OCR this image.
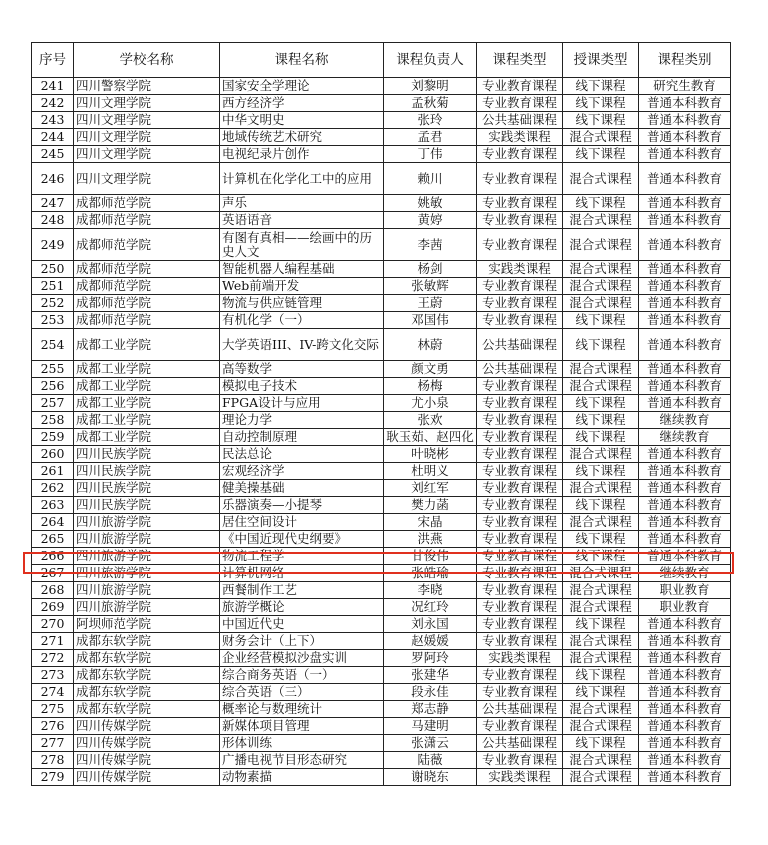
序号	学校名称	课程名称	课程负责人	课程类型	授课类型	课程类别
241	四川警察学院	国家安全学理论	刘黎明	专业教育课程	线下课程	研究生教育
242	四川文理学院	西方经济学	孟秋菊	专业教育课程	线下课程	普通本科教育
243	四川文理学院	中华文明史	张玲	公共基础课程	线下课程	普通本科教育
244	四川文理学院	地域传统艺术研究	孟君	实践类课程	混合式课程	普通本科教育
245	四川文理学院	电视纪录片创作	丁伟	专业教育课程	线下课程	普通本科教育
246	四川文理学院	计算机在化学化工中的应用	赖川	专业教育课程	混合式课程	普通本科教育
247	成都师范学院	声乐	姚敏	专业教育课程	线下课程	普通本科教育
248	成都师范学院	英语语音	黄婷	专业教育课程	混合式课程	普通本科教育
249	成都师范学院	有图有真相——绘画中的历史人文	李茜	专业教育课程	混合式课程	普通本科教育
250	成都师范学院	智能机器人编程基础	杨剑	实践类课程	混合式课程	普通本科教育
251	成都师范学院	Web前端开发	张敏辉	专业教育课程	混合式课程	普通本科教育
252	成都师范学院	物流与供应链管理	王蔚	专业教育课程	混合式课程	普通本科教育
253	成都师范学院	有机化学（一）	邓国伟	专业教育课程	线下课程	普通本科教育
254	成都工业学院	大学英语III、IV-跨文化交际	林蔚	公共基础课程	线下课程	普通本科教育
255	成都工业学院	高等数学	颜文勇	公共基础课程	混合式课程	普通本科教育
256	成都工业学院	模拟电子技术	杨梅	专业教育课程	混合式课程	普通本科教育
257	成都工业学院	FPGA设计与应用	尤小泉	专业教育课程	线下课程	普通本科教育
258	成都工业学院	理论力学	张欢	专业教育课程	线下课程	继续教育
259	成都工业学院	自动控制原理	耿玉茹、赵四化	专业教育课程	线下课程	继续教育
260	四川民族学院	民法总论	叶晓彬	专业教育课程	混合式课程	普通本科教育
261	四川民族学院	宏观经济学	杜明义	专业教育课程	线下课程	普通本科教育
262	四川民族学院	健美操基础	刘红军	专业教育课程	混合式课程	普通本科教育
263	四川民族学院	乐器演奏—小提琴	樊力菡	专业教育课程	线下课程	普通本科教育
264	四川旅游学院	居住空间设计	宋晶	专业教育课程	混合式课程	普通本科教育
265	四川旅游学院	《中国近现代史纲要》	洪燕	专业教育课程	线下课程	普通本科教育
266	四川旅游学院	物流工程学	甘俊伟	专业教育课程	线下课程	普通本科教育
267	四川旅游学院	计算机网络	张皓瑜	专业教育课程	混合式课程	继续教育
268	四川旅游学院	西餐制作工艺	李晓	专业教育课程	混合式课程	职业教育
269	四川旅游学院	旅游学概论	况红玲	专业教育课程	混合式课程	职业教育
270	阿坝师范学院	中国近代史	刘永国	专业教育课程	线下课程	普通本科教育
271	成都东软学院	财务会计（上下）	赵媛媛	专业教育课程	混合式课程	普通本科教育
272	成都东软学院	企业经营模拟沙盘实训	罗阿玲	实践类课程	混合式课程	普通本科教育
273	成都东软学院	综合商务英语（一）	张建华	专业教育课程	线下课程	普通本科教育
274	成都东软学院	综合英语（三）	段永佳	专业教育课程	线下课程	普通本科教育
275	成都东软学院	概率论与数理统计	郑志静	公共基础课程	混合式课程	普通本科教育
276	四川传媒学院	新媒体项目管理	马建明	专业教育课程	混合式课程	普通本科教育
277	四川传媒学院	形体训练	张潇云	公共基础课程	线下课程	普通本科教育
278	四川传媒学院	广播电视节目形态研究	陆薇	专业教育课程	混合式课程	普通本科教育
279	四川传媒学院	动物素描	谢晓东	实践类课程	混合式课程	普通本科教育
